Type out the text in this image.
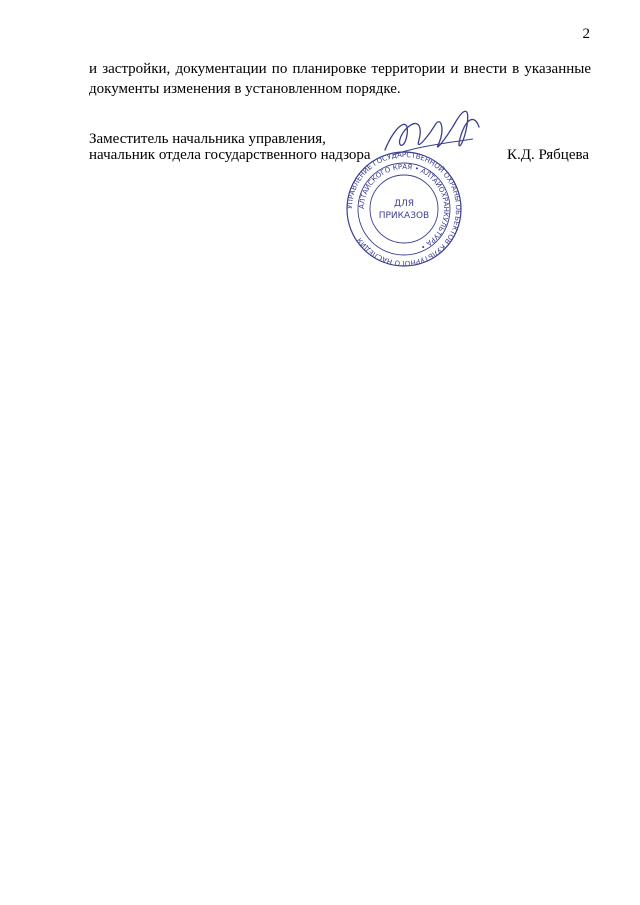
2
и застройки, документации по планировке территории и внести в указанные
документы изменения в установленном порядке.
Заместитель начальника управления,
начальник отдела государственного надзора	К.Д. Рябцева
УПРАВЛЕНИЕ ГОСУДАРСТВЕННОЙ ОХРАНЫ ОБЪЕКТОВ КУЛЬТУРНОГО НАСЛЕДИЯ
АЛТАЙСКОГО КРАЯ • АЛТАЙОХРАНКУЛЬТУРА •
ДЛЯ
ПРИКАЗОВ
